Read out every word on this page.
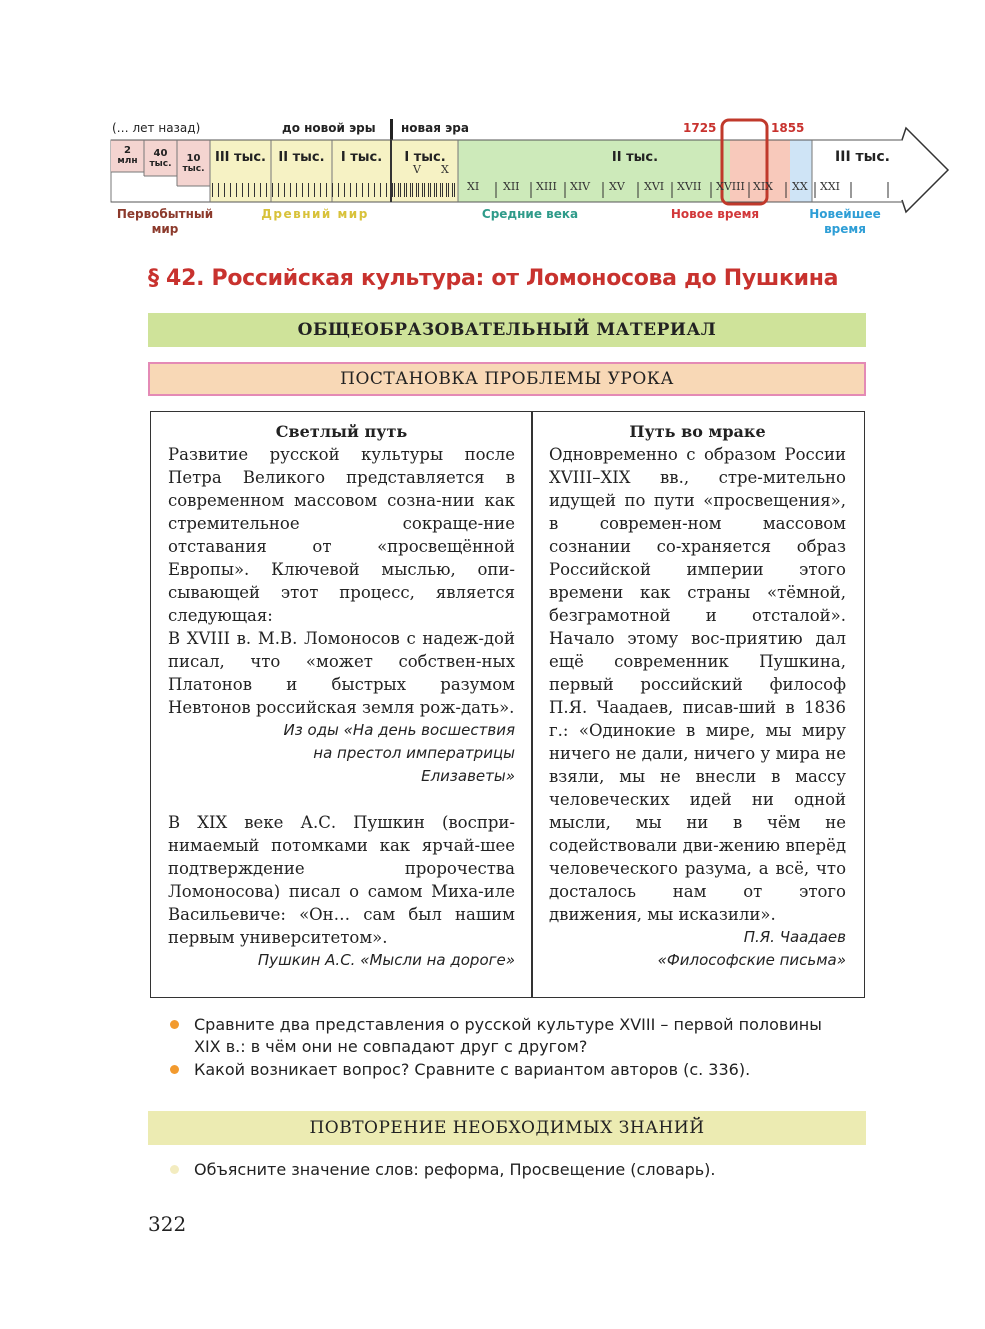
(… лет назад)	до новой эры новая эра	1725	1855
2
млн
40
тыс.	10
тыс.
III тыс. II тыс.	I тыс.	I тыс.	II тыс.	III тыс.
V X
XI XII XIII XIV XV XVI XVII XVIII XIX XX XXI
Первобытный
мир
Древний мир	Средние века	Новое время	Новейшее
время
§ 42. Российская культура: от Ломоносова до Пушкина
ОБЩЕОБРАЗОВАТЕЛЬНЫЙ МАТЕРИАЛ
ПОСТАНОВКА ПРОБЛЕМЫ УРОКА
Светлый путь

Развитие русской культуры после Петра Великого представляется в современном массовом созна-нии как стремительное сокраще-ние отставания от «просвещённой Европы». Ключевой мыслью, опи-сывающей этот процесс, является следующая:

В XVIII в. М.В. Ломоносов с надеж-дой писал, что «может собствен-ных Платонов и быстрых разумом Невтонов российская земля рож-дать».

Из оды «На день восшествия
на престол императрицы
Елизаветы»

В XIX веке А.С. Пушкин (воспри-нимаемый потомками как ярчай-шее подтверждение пророчества Ломоносова) писал о самом Миха-иле Васильевиче: «Он… сам был нашим первым университетом».

Пушкин А.С. «Мысли на дороге»
Путь во мраке

Одновременно с образом России XVIII–XIX вв., стре-мительно идущей по пути «просвещения», в современ-ном массовом сознании со-храняется образ Российской империи этого времени как страны «тёмной, безграмотной и отсталой». Начало этому вос-приятию дал ещё современник Пушкина, первый российский философ П.Я. Чаадаев, писав-ший в 1836 г.: «Одинокие в мире, мы миру ничего не дали, ничего у мира не взяли, мы не внесли в массу человеческих идей ни одной мысли, мы ни в чём не содействовали дви-жению вперёд человеческого разума, а всё, что досталось нам от этого движения, мы исказили».

П.Я. Чаадаев
«Философские письма»
Сравните два представления о русской культуре XVIII – первой половины
XIX в.: в чём они не совпадают друг с другом?
Какой возникает вопрос? Сравните с вариантом авторов (с. 336).
ПОВТОРЕНИЕ НЕОБХОДИМЫХ ЗНАНИЙ
Объясните значение слов: реформа, Просвещение (словарь).
322
